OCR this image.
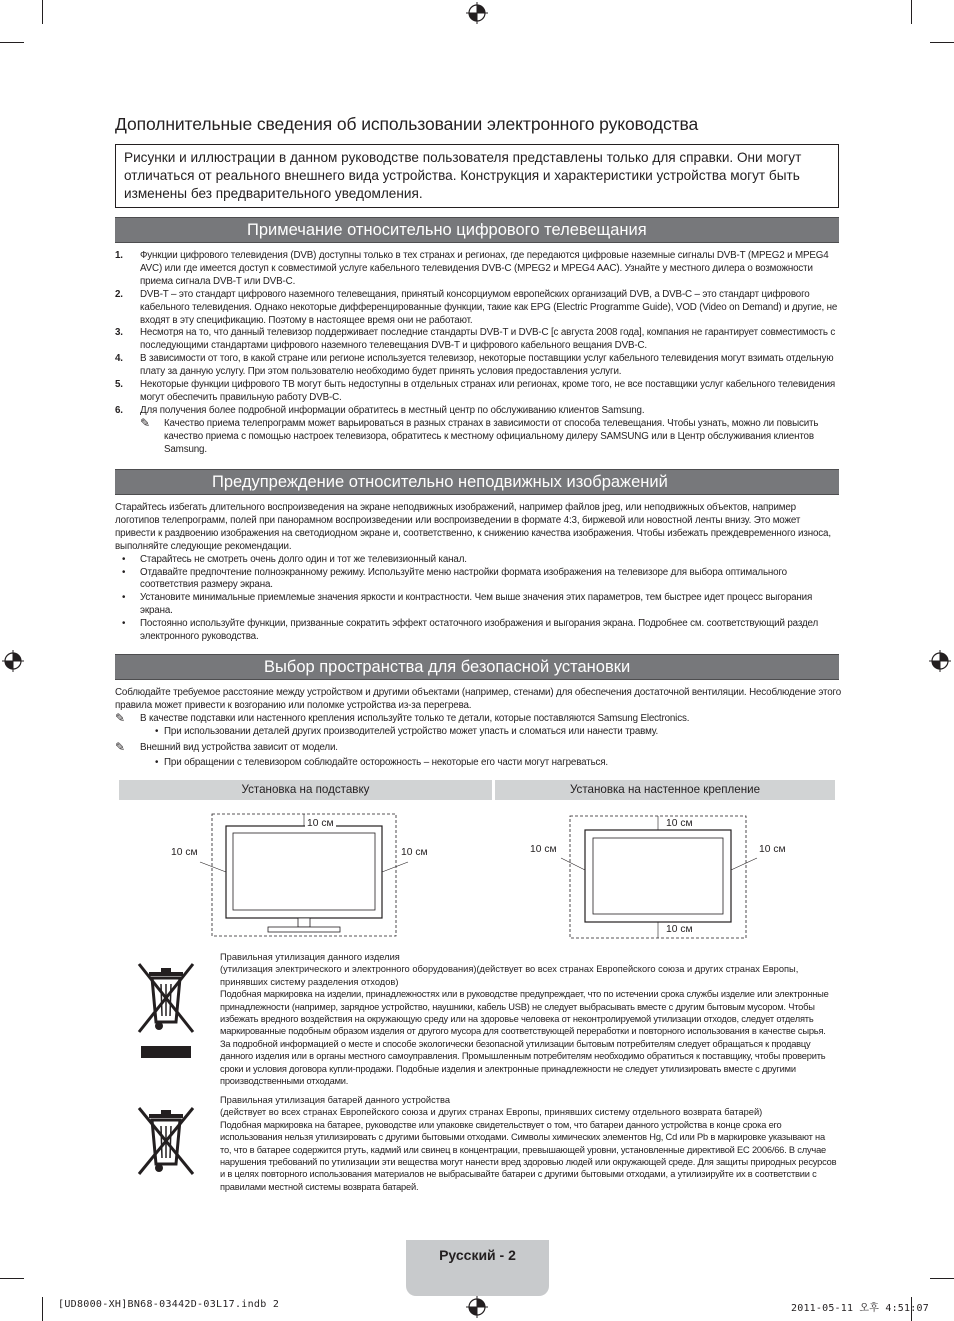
Дополнительные сведения об использовании электронного руководства

Рисунки и иллюстрации в данном руководстве пользователя представлены только для справки. Они могут отличаться от реального внешнего вида устройства. Конструкция и характеристики устройства могут быть изменены без предварительного уведомления.

Примечание относительно цифрового телевещания
1. Функции цифрового телевидения (DVB) доступны только в тех странах и регионах, где передаются цифровые наземные сигналы DVB-T (MPEG2 и MPEG4 AVC) или где имеется доступ к совместимой услуге кабельного телевидения DVB-C (MPEG2 и MPEG4 AAC). Узнайте у местного дилера о возможности приема сигнала DVB-T или DVB-C.
2. DVB-T – это стандарт цифрового наземного телевещания, принятый консорциумом европейских организаций DVB, а DVB-C – это стандарт цифрового кабельного телевидения. Однако некоторые дифференцированные функции, такие как EPG (Electric Programme Guide), VOD (Video on Demand) и другие, не входят в эту спецификацию. Поэтому в настоящее время они не работают.
3. Несмотря на то, что данный телевизор поддерживает последние стандарты DVB-T и DVB-C [с августа 2008 года], компания не гарантирует совместимость с последующими стандартами цифрового наземного телевещания DVB-T и цифрового кабельного вещания DVB-C.
4. В зависимости от того, в какой стране или регионе используется телевизор, некоторые поставщики услуг кабельного телевидения могут взимать отдельную плату за данную услугу. При этом пользователю необходимо будет принять условия предоставления услуги.
5. Некоторые функции цифрового ТВ могут быть недоступны в отдельных странах или регионах, кроме того, не все поставщики услуг кабельного телевидения могут обеспечить правильную работу DVB-C.
6. Для получения более подробной информации обратитесь в местный центр по обслуживанию клиентов Samsung.
✎ Качество приема телепрограмм может варьироваться в разных странах в зависимости от способа телевещания. Чтобы узнать, можно ли повысить качество приема с помощью настроек телевизора, обратитесь к местному официальному дилеру SAMSUNG или в Центр обслуживания клиентов Samsung.
Предупреждение относительно неподвижных изображений

Старайтесь избегать длительного воспроизведения на экране неподвижных изображений, например файлов jpeg, или неподвижных объектов, например логотипов телепрограмм, полей при панорамном воспроизведении или воспроизведении в формате 4:3, биржевой или новостной ленты внизу. Это может привести к раздвоению изображения на светодиодном экране и, соответственно, к снижению качества изображения. Чтобы избежать преждевременного износа, выполняйте следующие рекомендации.

• Старайтесь не смотреть очень долго один и тот же телевизионный канал.
• Отдавайте предпочтение полноэкранному режиму. Используйте меню настройки формата изображения на телевизоре для выбора оптимального соответствия размеру экрана.
• Установите минимальные приемлемые значения яркости и контрастности. Чем выше значения этих параметров, тем быстрее идет процесс выгорания экрана.
• Постоянно используйте функции, призванные сократить эффект остаточного изображения и выгорания экрана. Подробнее см. соответствующий раздел электронного руководства.
Выбор пространства для безопасной установки

Соблюдайте требуемое расстояние между устройством и другими объектами (например, стенами) для обеспечения достаточной вентиляции. Несоблюдение этого правила может привести к возгоранию или поломке устройства из-за перегрева.

✎ В качестве подставки или настенного крепления используйте только те детали, которые поставляются Samsung Electronics.

• При использовании деталей других производителей устройство может упасть и сломаться или нанести травму.

✎ Внешний вид устройства зависит от модели.

• При обращении с телевизором соблюдайте осторожность – некоторые его части могут нагреваться.
Установка на подставку	Установка на настенное крепление
10 см
10 см	10 см
10 см
10 см	10 см
10 см

Правильная утилизация данного изделия

(утилизация электрического и электронного оборудования)(действует во всех странах Европейского союза и других странах Европы, принявших систему разделения отходов)

Подобная маркировка на изделии, принадлежностях или в руководстве предупреждает, что по истечении срока службы изделие или электронные принадлежности (например, зарядное устройство, наушники, кабель USB) не следует выбрасывать вместе с другим бытовым мусором. Чтобы избежать вредного воздействия на окружающую среду или на здоровье человека от неконтролируемой утилизации отходов, следует отделять маркированные подобным образом изделия от другого мусора для соответствующей переработки и повторного использования в качестве сырья. За подробной информацией о месте и способе экологически безопасной утилизации бытовым потребителям следует обращаться к продавцу данного изделия или в органы местного самоуправления. Промышленным потребителям необходимо обратиться к поставщику, чтобы проверить сроки и условия договора купли-продажи. Подобные изделия и электронные принадлежности не следует утилизировать вместе с другими производственными отходами.

Правильная утилизация батарей данного устройства

(действует во всех странах Европейского союза и других странах Европы, принявших систему отдельного возврата батарей)

Подобная маркировка на батарее, руководстве или упаковке свидетельствует о том, что батареи данного устройства в конце срока его использования нельзя утилизировать с другими бытовыми отходами. Символы химических элементов Hg, Cd или Pb в маркировке указывают на то, что в батарее содержится ртуть, кадмий или свинец в концентрации, превышающей уровни, установленные директивой ЕС 2006/66. В случае нарушения требований по утилизации эти вещества могут нанести вред здоровью людей или окружающей среде. Для защиты природных ресурсов и в целях повторного использования материалов не выбрасывайте батареи с другими бытовыми отходами, а утилизируйте их в соответствии с правилами местной системы возврата батарей.

Русский - 2
[UD8000-XH]BN68-03442D-03L17.indb 2	2011-05-11 오후 4:51:07
